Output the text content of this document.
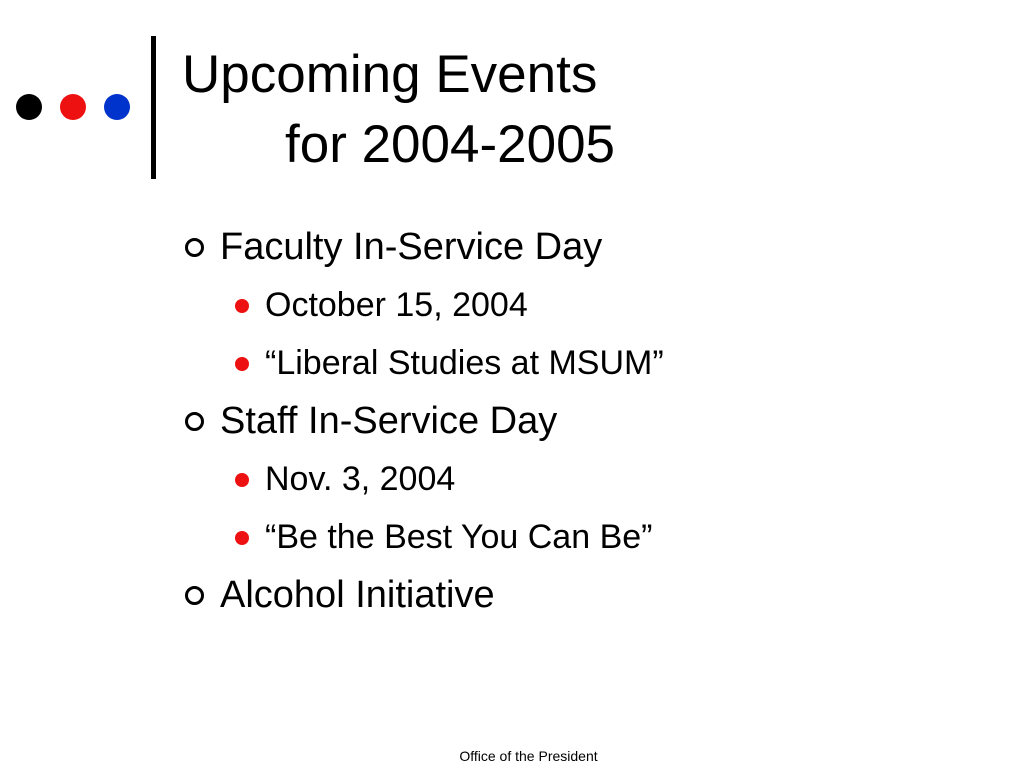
Upcoming Events
for 2004-2005
Faculty In-Service Day
October 15, 2004
“Liberal Studies at MSUM”
Staff In-Service Day
Nov. 3, 2004
“Be the Best You Can Be”
Alcohol Initiative
Office of the President
